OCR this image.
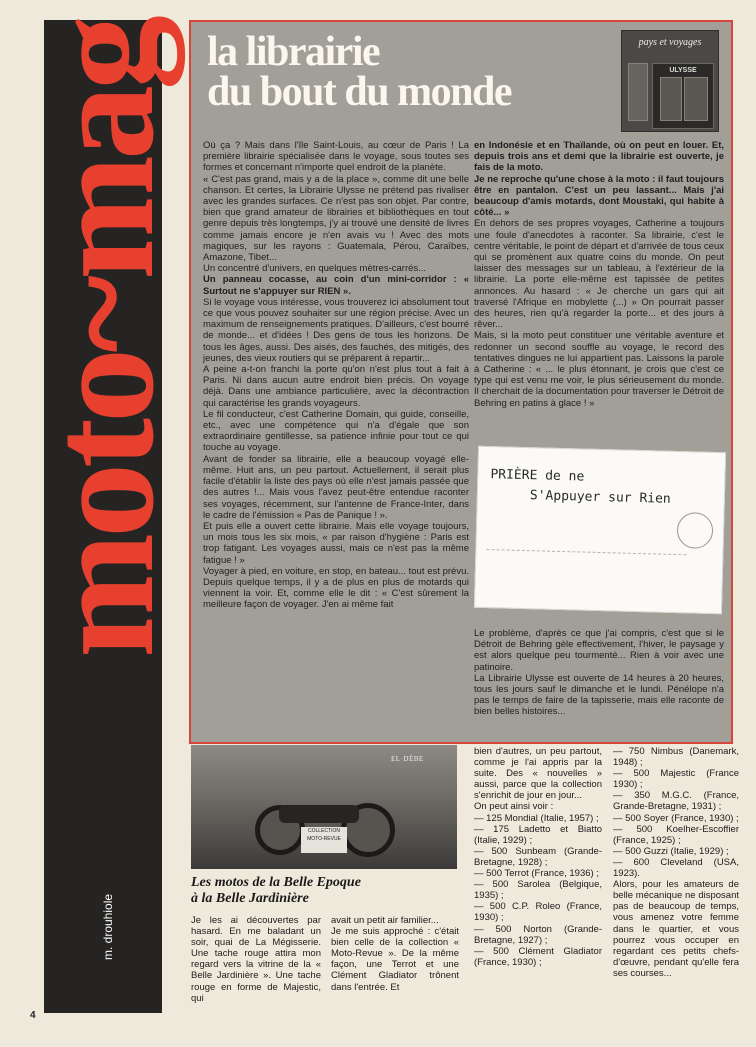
moto~mag
m. drouhiole
4
la librairie
du bout du monde
pays et voyages
ULYSSE

Où ça ? Mais dans l'île Saint-Louis, au cœur de Paris ! La première librairie spécialisée dans le voyage, sous toutes ses formes et concernant n'importe quel endroit de la planète.

« C'est pas grand, mais y a de la place », comme dit une belle chanson. Et certes, la Librairie Ulysse ne prétend pas rivaliser avec les grandes surfaces. Ce n'est pas son objet. Par contre, bien que grand amateur de librairies et bibliothèques en tout genre depuis très longtemps, j'y ai trouvé une densité de livres comme jamais encore je n'en avais vu ! Avec des mots magiques, sur les rayons : Guatemala, Pérou, Caraïbes, Amazone, Tibet...

Un concentré d'univers, en quelques mètres-carrés...

Un panneau cocasse, au coin d'un mini-corridor : « Surtout ne s'appuyer sur RIEN ».

Si le voyage vous intéresse, vous trouverez ici absolument tout ce que vous pouvez souhaiter sur une région précise. Avec un maximum de renseignements pratiques. D'ailleurs, c'est bourré de monde... et d'idées ! Des gens de tous les horizons. De tous les âges, aussi. Des aisés, des fauchés, des mitigés, des jeunes, des vieux routiers qui se préparent à repartir...

A peine a-t-on franchi la porte qu'on n'est plus tout à fait à Paris. Ni dans aucun autre endroit bien précis. On voyage déjà. Dans une ambiance particulière, avec la décontraction qui caractérise les grands voyageurs.

Le fil conducteur, c'est Catherine Domain, qui guide, conseille, etc., avec une compétence qui n'a d'égale que son extraordinaire gentillesse, sa patience infinie pour tout ce qui touche au voyage.

Avant de fonder sa librairie, elle a beaucoup voyagé elle-même. Huit ans, un peu partout. Actuellement, il serait plus facile d'établir la liste des pays où elle n'est jamais passée que des autres !... Mais vous l'avez peut-être entendue raconter ses voyages, récemment, sur l'antenne de France-Inter, dans le cadre de l'émission « Pas de Panique ! ».

Et puis elle a ouvert cette librairie. Mais elle voyage toujours, un mois tous les six mois, « par raison d'hygiène : Paris est trop fatigant. Les voyages aussi, mais ce n'est pas la même fatigue ! »

Voyager à pied, en voiture, en stop, en bateau... tout est prévu. Depuis quelque temps, il y a de plus en plus de motards qui viennent la voir. Et, comme elle le dit : « C'est sûrement la meilleure façon de voyager. J'en ai même fait

en Indonésie et en Thaïlande, où on peut en louer. Et, depuis trois ans et demi que la librairie est ouverte, je fais de la moto.

Je ne reproche qu'une chose à la moto : il faut toujours être en pantalon. C'est un peu lassant... Mais j'ai beaucoup d'amis motards, dont Moustaki, qui habite à côté... »

En dehors de ses propres voyages, Catherine a toujours une foule d'anecdotes à raconter. Sa librairie, c'est le centre véritable, le point de départ et d'arrivée de tous ceux qui se promènent aux quatre coins du monde. On peut laisser des messages sur un tableau, à l'extérieur de la librairie. La porte elle-même est tapissée de petites annonces. Au hasard : « Je cherche un gars qui ait traversé l'Afrique en mobylette (...) » On pourrait passer des heures, rien qu'à regarder la porte... et des jours à rêver...

Mais, si la moto peut constituer une véritable aventure et redonner un second souffle au voyage, le record des tentatives dingues ne lui appartient pas. Laissons la parole à Catherine : « ... le plus étonnant, je crois que c'est ce type qui est venu me voir, le plus sérieusement du monde. Il cherchait de la documentation pour traverser le Détroit de Behring en patins à glace ! »

PRIÈRE de ne
S'Appuyer sur Rien

Le problème, d'après ce que j'ai compris, c'est que si le Détroit de Behring gèle effectivement, l'hiver, le paysage y est alors quelque peu tourmenté... Rien à voir avec une patinoire.

La Librairie Ulysse est ouverte de 14 heures à 20 heures, tous les jours sauf le dimanche et le lundi. Pénélope n'a pas le temps de faire de la tapisserie, mais elle raconte de bien belles histoires...

COLLECTION MOTO-REVUE
EL·DÉBE
Les motos de la Belle Epoque
à la Belle Jardinière

Je les ai découvertes par hasard. En me baladant un soir, quai de La Mégisserie. Une tache rouge attira mon regard vers la vitrine de la « Belle Jardinière ». Une tache rouge en forme de Majestic, qui

avait un petit air familier...

Je me suis approché : c'était bien celle de la collection « Moto-Revue ». De la même façon, une Terrot et une Clément Gladiator trônent dans l'entrée. Et

bien d'autres, un peu partout, comme je l'ai appris par la suite. Des « nouvelles » aussi, parce que la collection s'enrichit de jour en jour...

On peut ainsi voir :

— 125 Mondial (Italie, 1957) ;

— 175 Ladetto et Biatto (Italie, 1929) ;

— 500 Sunbeam (Grande-Bretagne, 1928) ;

— 500 Terrot (France, 1936) ;

— 500 Sarolea (Belgique, 1935) ;

— 500 C.P. Roleo (France, 1930) ;

— 500 Norton (Grande-Bretagne, 1927) ;

— 500 Clément Gladiator (France, 1930) ;

— 750 Nimbus (Danemark, 1948) ;

— 500 Majestic (France 1930) ;

— 350 M.G.C. (France, Grande-Bretagne, 1931) ;

— 500 Soyer (France, 1930) ;

— 500 Koelher-Escoffier (France, 1925) ;

— 500 Guzzi (Italie, 1929) ;

— 600 Cleveland (USA, 1923).

Alors, pour les amateurs de belle mécanique ne disposant pas de beaucoup de temps, vous amenez votre femme dans le quartier, et vous pourrez vous occuper en regardant ces petits chefs-d'œuvre, pendant qu'elle fera ses courses...
